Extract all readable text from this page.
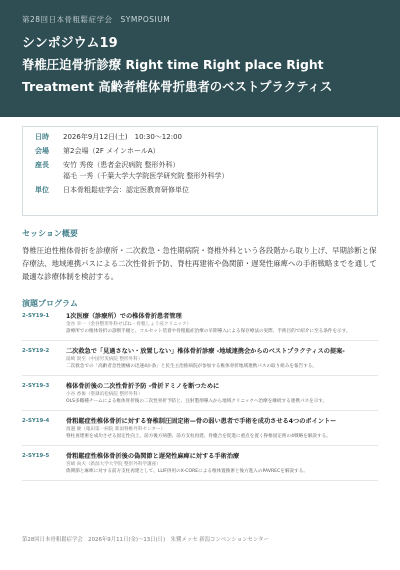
第28回日本骨粗鬆症学会　SYMPOSIUM
シンポジウム19
脊椎圧迫骨折診療 Right time Right place Right
Treatment 高齢者椎体骨折患者のベストプラクティス
日時	2026年9月12日(土)　10:30～12:00
会場	第2会場（2F メインホールA）
座長	安竹 秀俊（患者金沢病院 整形外科）
福毛 一秀（千葉大学大学院医学研究院 整形外科学）
単位	日本骨粗鬆症学会：認定医教育研修単位
セッション概要
脊椎圧迫性椎体骨折を診療所・二次救急・急性期病院・脊椎外科という各段階から取り上げ、早期診断と保存療法、地域連携パスによる二次性骨折予防、脊柱再建術や偽関節・遅発性麻痺への手術戦略までを通して最適な診療体制を検討する。
演題プログラム
2-SY19-1	1次医療（診療所）での椎体骨折患者管理
金谷 幸一（金谷整形外科せぼね・骨粗しょう症クリニック）
診療所での椎体骨折の診断手順と、コルセット装着や骨粗鬆症治療の早期導入による保存療法の実際、手術目的で紹介に至る条件を示す。
2-SY19-2	二次救急で「見過さない・放置しない」椎体骨折診療 -地域連携会からのベストプラクティスの提案-
湯崎 貴至（中国労災病院 整形外科）
二次救急での「高齢者急性腰痛の迅速4か条」と民生主治推病院が参加する椎体骨折地域連携パスの取り組みを報告する。
2-SY19-3	椎体骨折後の二次性骨折予防 -骨折ドミノを断つために
小谷 香俊（聖隷浜松病院 整形外科）
OLS多職種チームによる椎体骨折後の二次性骨折予防と、注射製剤導入から地域クリニックへ治療を継続する連携パスを示す。
2-SY19-4	骨粗鬆症性椎体骨折に対する脊椎制圧固定術—骨の弱い患者で手術を成功させる4つのポイントー
渡邉 慶（亀田第一病院 新潟脊椎外科センター）
脊柱再建術を成功させる固定性向上、前方後方病態、前方支柱再建、骨癒合を促進に重点を置く脊椎固定術の4戦略を解説する。
2-SY19-5	骨粗鬆症性椎体骨折後の偽関節と遅発性麻痺に対する手術治療
宮﨑 尚夫（新潟大学大学院 整形外科学講座）
偽関節と麻痺に対する前方支柱再建として、LLIF併用のX-COREによる椎体置換術と後方進入のPAVRECを解説する。
第28回日本骨粗鬆症学会　2026年9月11日(金)～13日(日)　朱鷺メッセ 新潟コンベンションセンター
